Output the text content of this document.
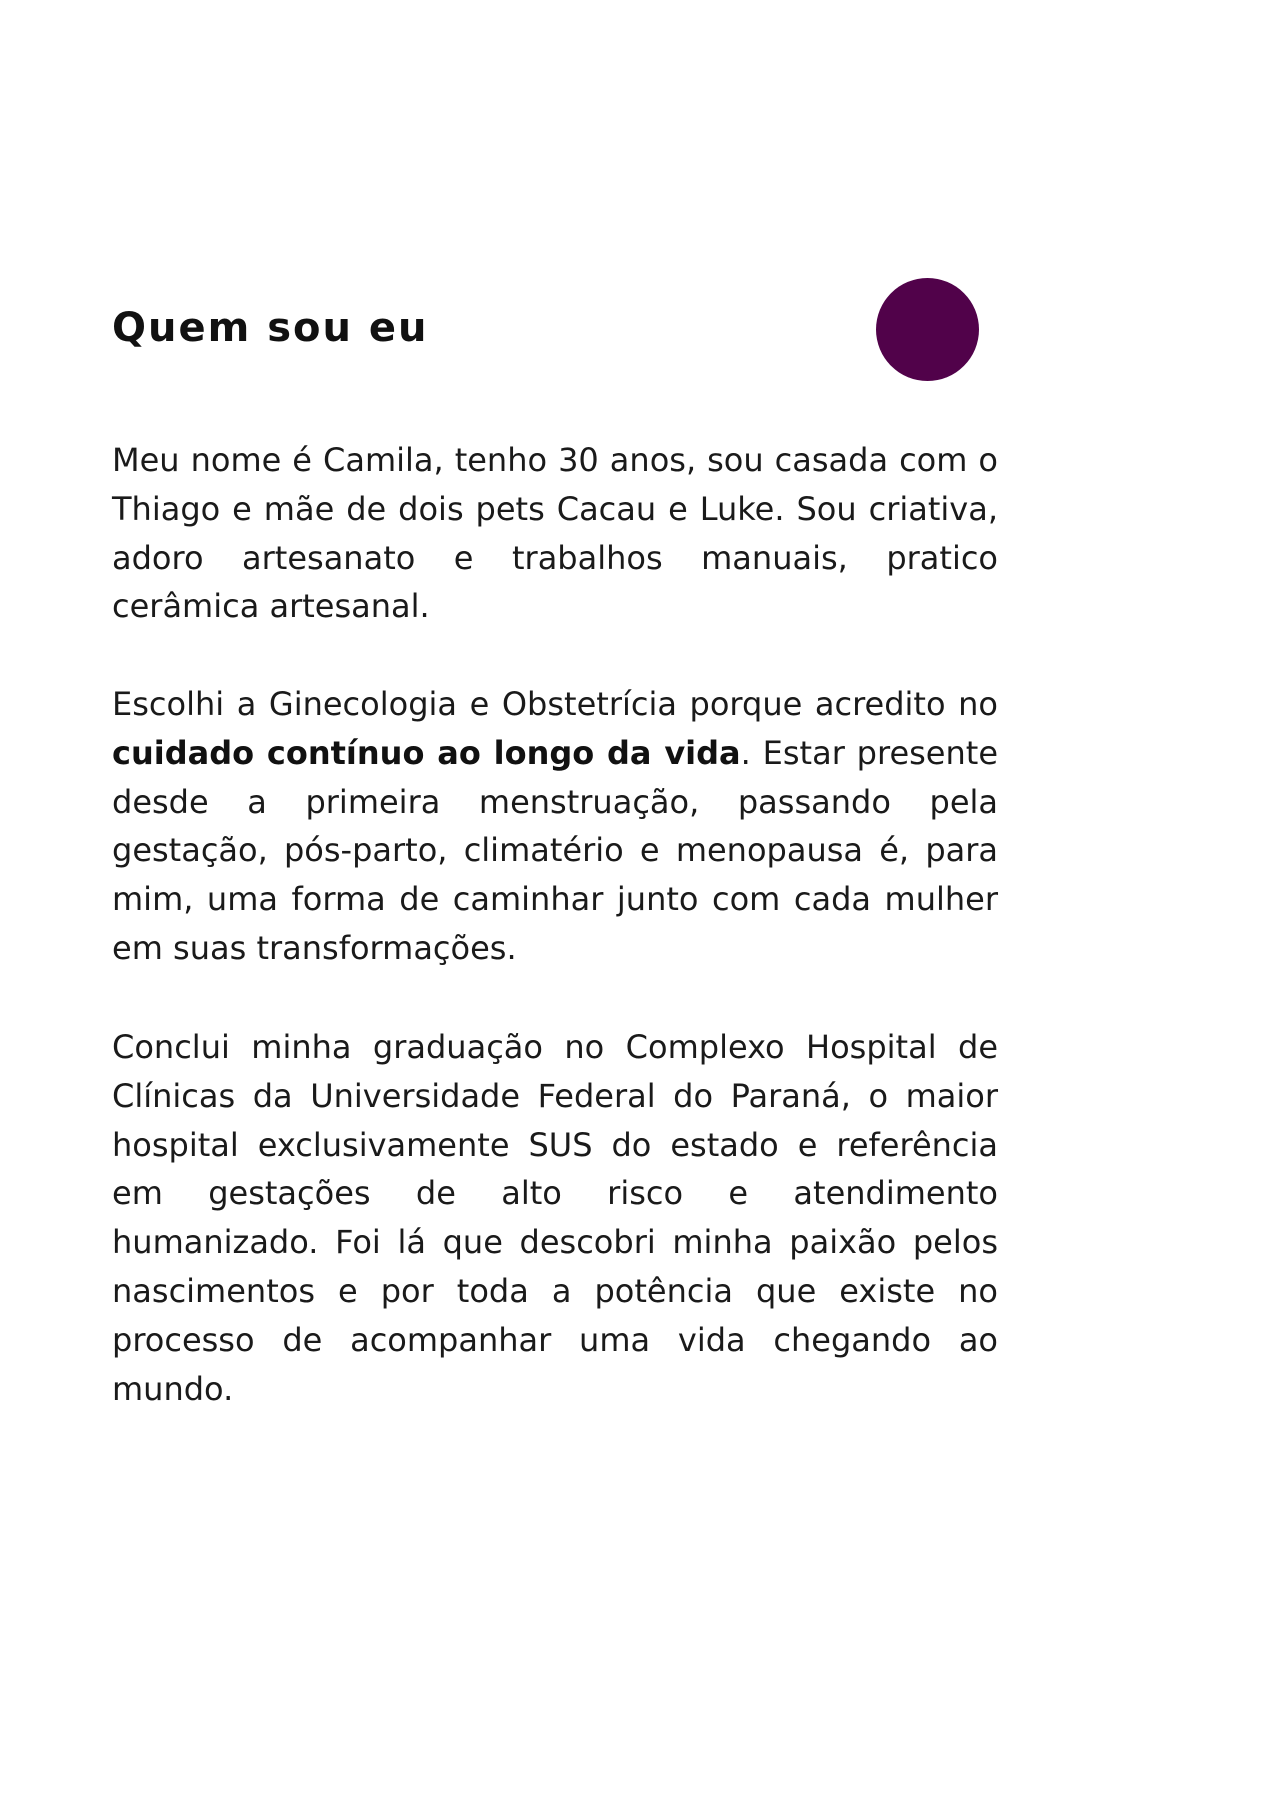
Quem sou eu

Meu nome é Camila, tenho 30 anos, sou casada com o Thiago e mãe de dois pets Cacau e Luke. Sou criativa, adoro artesanato e trabalhos manuais, pratico cerâmica artesanal.

Escolhi a Ginecologia e Obstetrícia porque acredito no cuidado contínuo ao longo da vida. Estar presente desde a primeira menstruação, passando pela gestação, pós-parto, climatério e menopausa é, para mim, uma forma de caminhar junto com cada mulher em suas transformações.

Conclui minha graduação no Complexo Hospital de Clínicas da Universidade Federal do Paraná, o maior hospital exclusivamente SUS do estado e referência em gestações de alto risco e atendimento humanizado. Foi lá que descobri minha paixão pelos nascimentos e por toda a potência que existe no processo de acompanhar uma vida chegando ao mundo.
